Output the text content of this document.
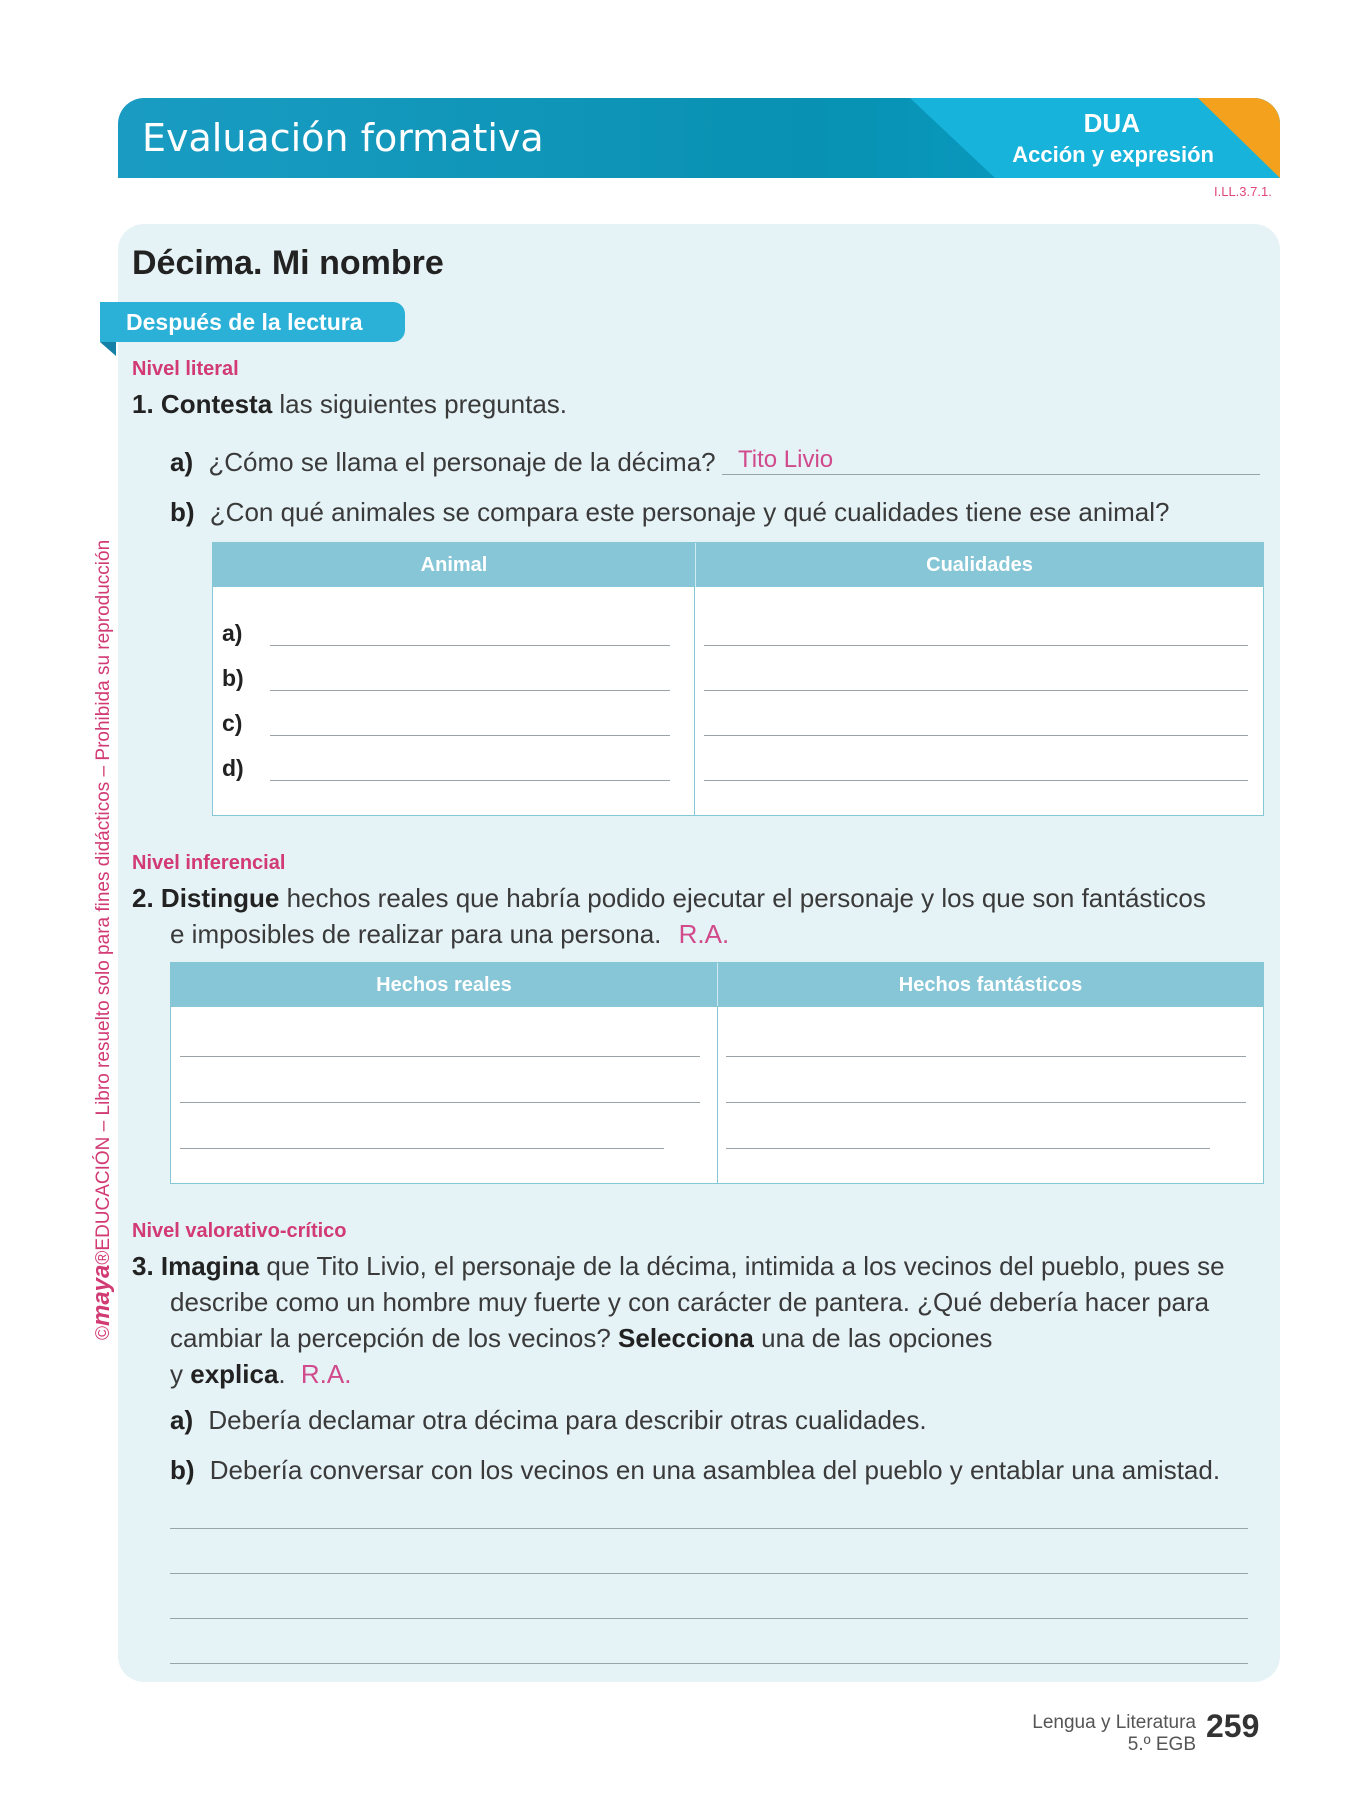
Evaluación formativa	DUA
Acción y expresión
I.LL.3.7.1.
©maya®EDUCACIÓN – Libro resuelto solo para fines didácticos – Prohibida su reproducción
Décima. Mi nombre
Después de la lectura
Nivel literal
1. Contesta las siguientes preguntas.
a) ¿Cómo se llama el personaje de la décima? Tito Livio
b) ¿Con qué animales se compara este personaje y qué cualidades tiene ese animal?
Animal	Cualidades
a)
b)
c)
d)
Nivel inferencial
2. Distingue hechos reales que habría podido ejecutar el personaje y los que son fantásticos
e imposibles de realizar para una persona. R.A.
Hechos reales	Hechos fantásticos
Nivel valorativo-crítico
3. Imagina que Tito Livio, el personaje de la décima, intimida a los vecinos del pueblo, pues se
describe como un hombre muy fuerte y con carácter de pantera. ¿Qué debería hacer para
cambiar la percepción de los vecinos? Selecciona una de las opciones
y explica. R.A.
a) Debería declamar otra décima para describir otras cualidades.
b) Debería conversar con los vecinos en una asamblea del pueblo y entablar una amistad.
Lengua y Literatura
5.º EGB
259
